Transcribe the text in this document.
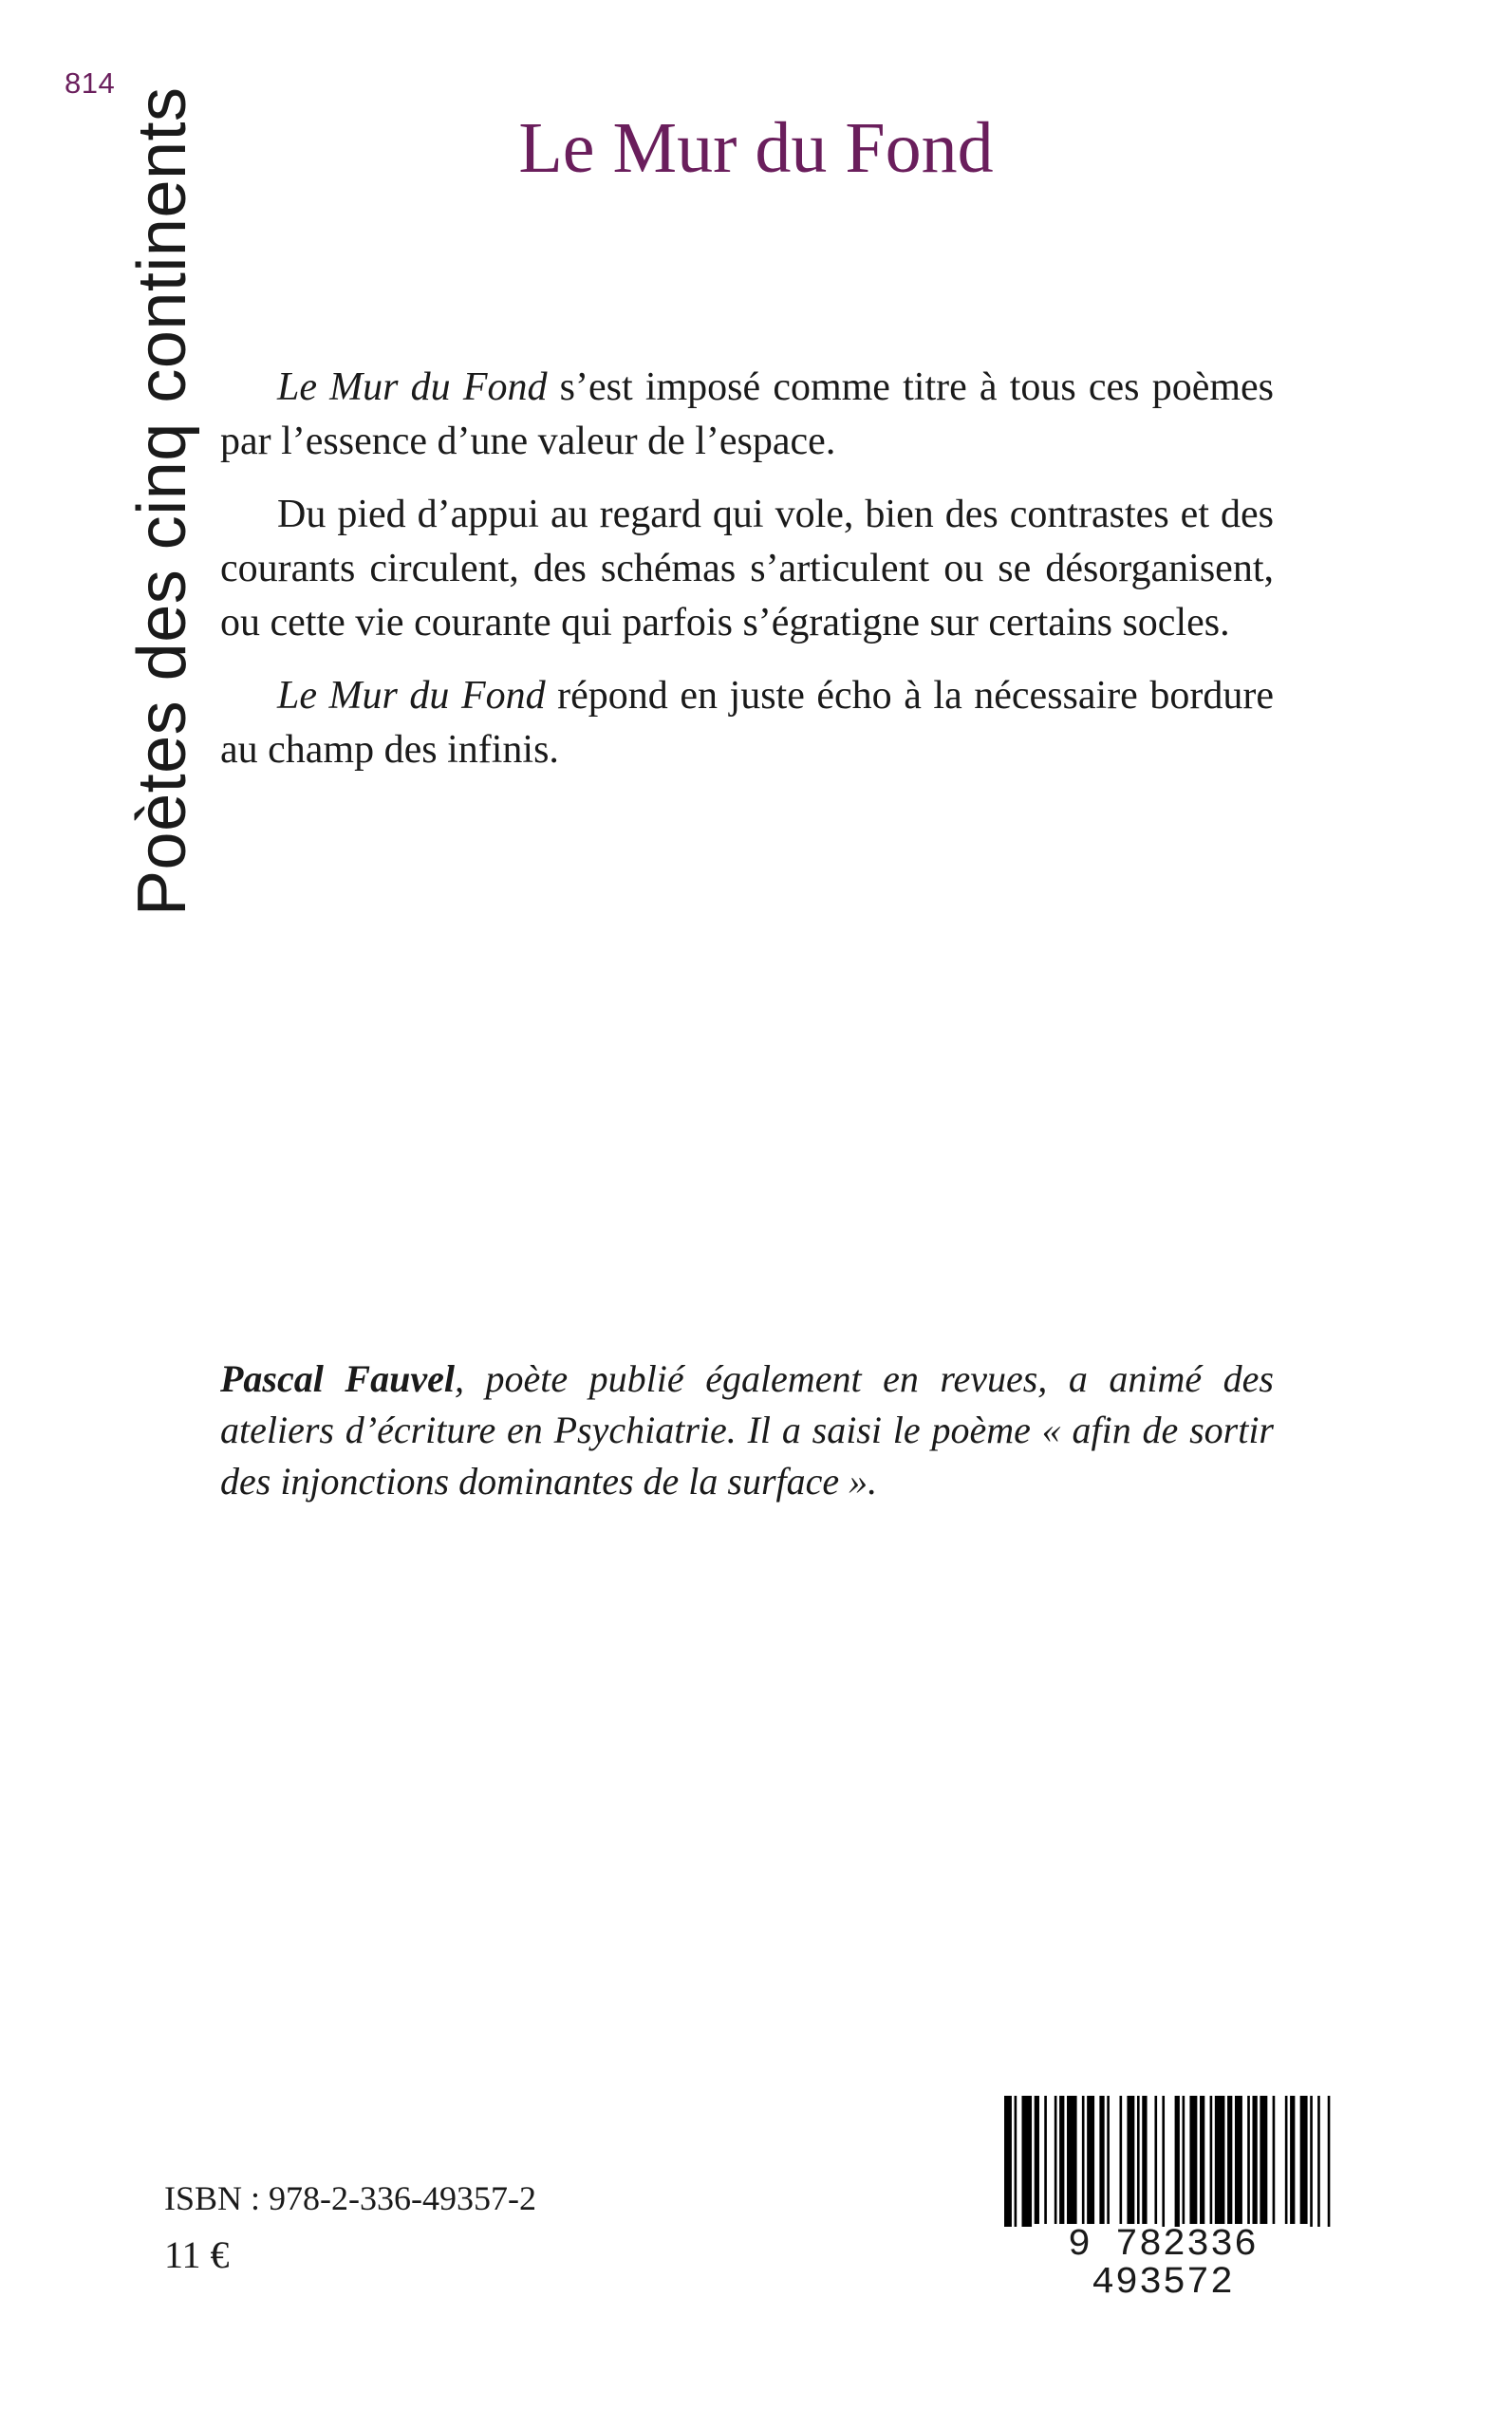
814
Poètes des cinq continents	Le Mur du Fond

Le Mur du Fond s’est imposé comme titre à tous ces poèmes par l’essence d’une valeur de l’espace.

Du pied d’appui au regard qui vole, bien des contrastes et des courants circulent, des schémas s’articulent ou se désorganisent, ou cette vie courante qui parfois s’égratigne sur certains socles.

Le Mur du Fond répond en juste écho à la nécessaire bordure au champ des infinis.

Pascal Fauvel, poète publié également en revues, a animé des ateliers d’écriture en Psychiatrie. Il a saisi le poème « afin de sortir des injonctions dominantes de la surface ».
ISBN : 978-2-336-49357-2
11 €	9 782336 493572
